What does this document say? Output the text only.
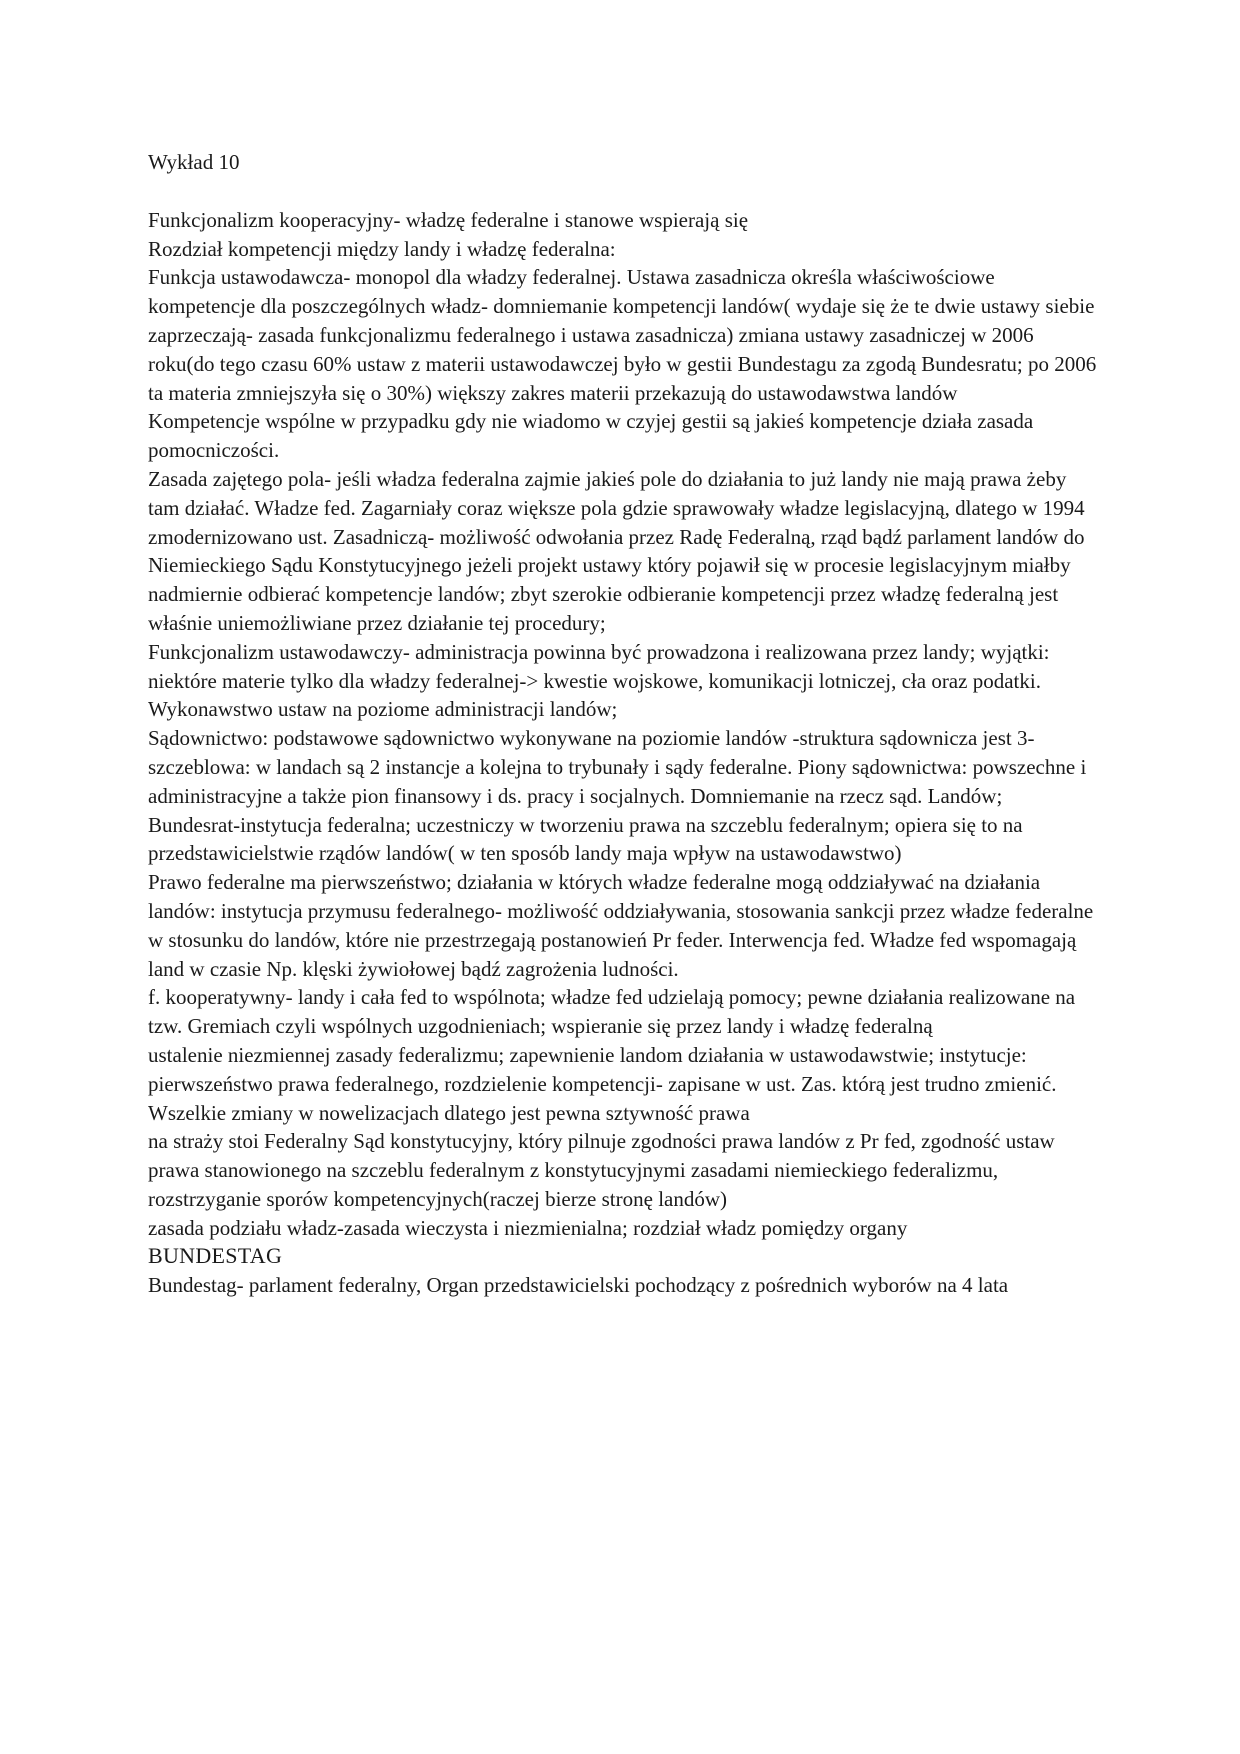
Wykład 10

Funkcjonalizm kooperacyjny- władzę federalne i stanowe wspierają się

Rozdział kompetencji między landy i władzę federalna:

Funkcja ustawodawcza- monopol dla władzy federalnej. Ustawa zasadnicza określa właściwościowe kompetencje dla poszczególnych władz- domniemanie kompetencji landów( wydaje się że te dwie ustawy siebie zaprzeczają- zasada funkcjonalizmu federalnego i ustawa zasadnicza) zmiana ustawy zasadniczej w 2006 roku(do tego czasu 60% ustaw z materii ustawodawczej było w gestii Bundestagu za zgodą Bundesratu; po 2006 ta materia zmniejszyła się o 30%) większy zakres materii przekazują do ustawodawstwa landów

Kompetencje wspólne w przypadku gdy nie wiadomo w czyjej gestii są jakieś kompetencje działa zasada pomocniczości.

Zasada zajętego pola- jeśli władza federalna zajmie jakieś pole do działania to już landy nie mają prawa żeby tam działać. Władze fed. Zagarniały coraz większe pola gdzie sprawowały władze legislacyjną, dlatego w 1994 zmodernizowano ust. Zasadniczą- możliwość odwołania przez Radę Federalną, rząd bądź parlament landów do Niemieckiego Sądu Konstytucyjnego jeżeli projekt ustawy który pojawił się w procesie legislacyjnym miałby nadmiernie odbierać kompetencje landów; zbyt szerokie odbieranie kompetencji przez władzę federalną jest właśnie uniemożliwiane przez działanie tej procedury;

Funkcjonalizm ustawodawczy- administracja powinna być prowadzona i realizowana przez landy; wyjątki: niektóre materie tylko dla władzy federalnej-> kwestie wojskowe, komunikacji lotniczej, cła oraz podatki. Wykonawstwo ustaw na poziome administracji landów;

Sądownictwo: podstawowe sądownictwo wykonywane na poziomie landów -struktura sądownicza jest 3-szczeblowa: w landach są 2 instancje a kolejna to trybunały i sądy federalne. Piony sądownictwa: powszechne i administracyjne a także pion finansowy i ds. pracy i socjalnych. Domniemanie na rzecz sąd. Landów;

Bundesrat-instytucja federalna; uczestniczy w tworzeniu prawa na szczeblu federalnym; opiera się to na przedstawicielstwie rządów landów( w ten sposób landy maja wpływ na ustawodawstwo)

Prawo federalne ma pierwszeństwo; działania w których władze federalne mogą oddziaływać na działania landów: instytucja przymusu federalnego- możliwość oddziaływania, stosowania sankcji przez władze federalne w stosunku do landów, które nie przestrzegają postanowień Pr feder. Interwencja fed. Władze fed wspomagają land w czasie Np. klęski żywiołowej bądź zagrożenia ludności.

f. kooperatywny- landy i cała fed to wspólnota; władze fed udzielają pomocy; pewne działania realizowane na tzw. Gremiach czyli wspólnych uzgodnieniach; wspieranie się przez landy i władzę federalną

ustalenie niezmiennej zasady federalizmu; zapewnienie landom działania w ustawodawstwie; instytucje: pierwszeństwo prawa federalnego, rozdzielenie kompetencji- zapisane w ust. Zas. którą jest trudno zmienić. Wszelkie zmiany w nowelizacjach dlatego jest pewna sztywność prawa

na straży stoi Federalny Sąd konstytucyjny, który pilnuje zgodności prawa landów z Pr fed, zgodność ustaw prawa stanowionego na szczeblu federalnym z konstytucyjnymi zasadami niemieckiego federalizmu, rozstrzyganie sporów kompetencyjnych(raczej bierze stronę landów)

zasada podziału władz-zasada wieczysta i niezmienialna; rozdział władz pomiędzy organy

BUNDESTAG

Bundestag- parlament federalny, Organ przedstawicielski pochodzący z pośrednich wyborów na 4 lata
